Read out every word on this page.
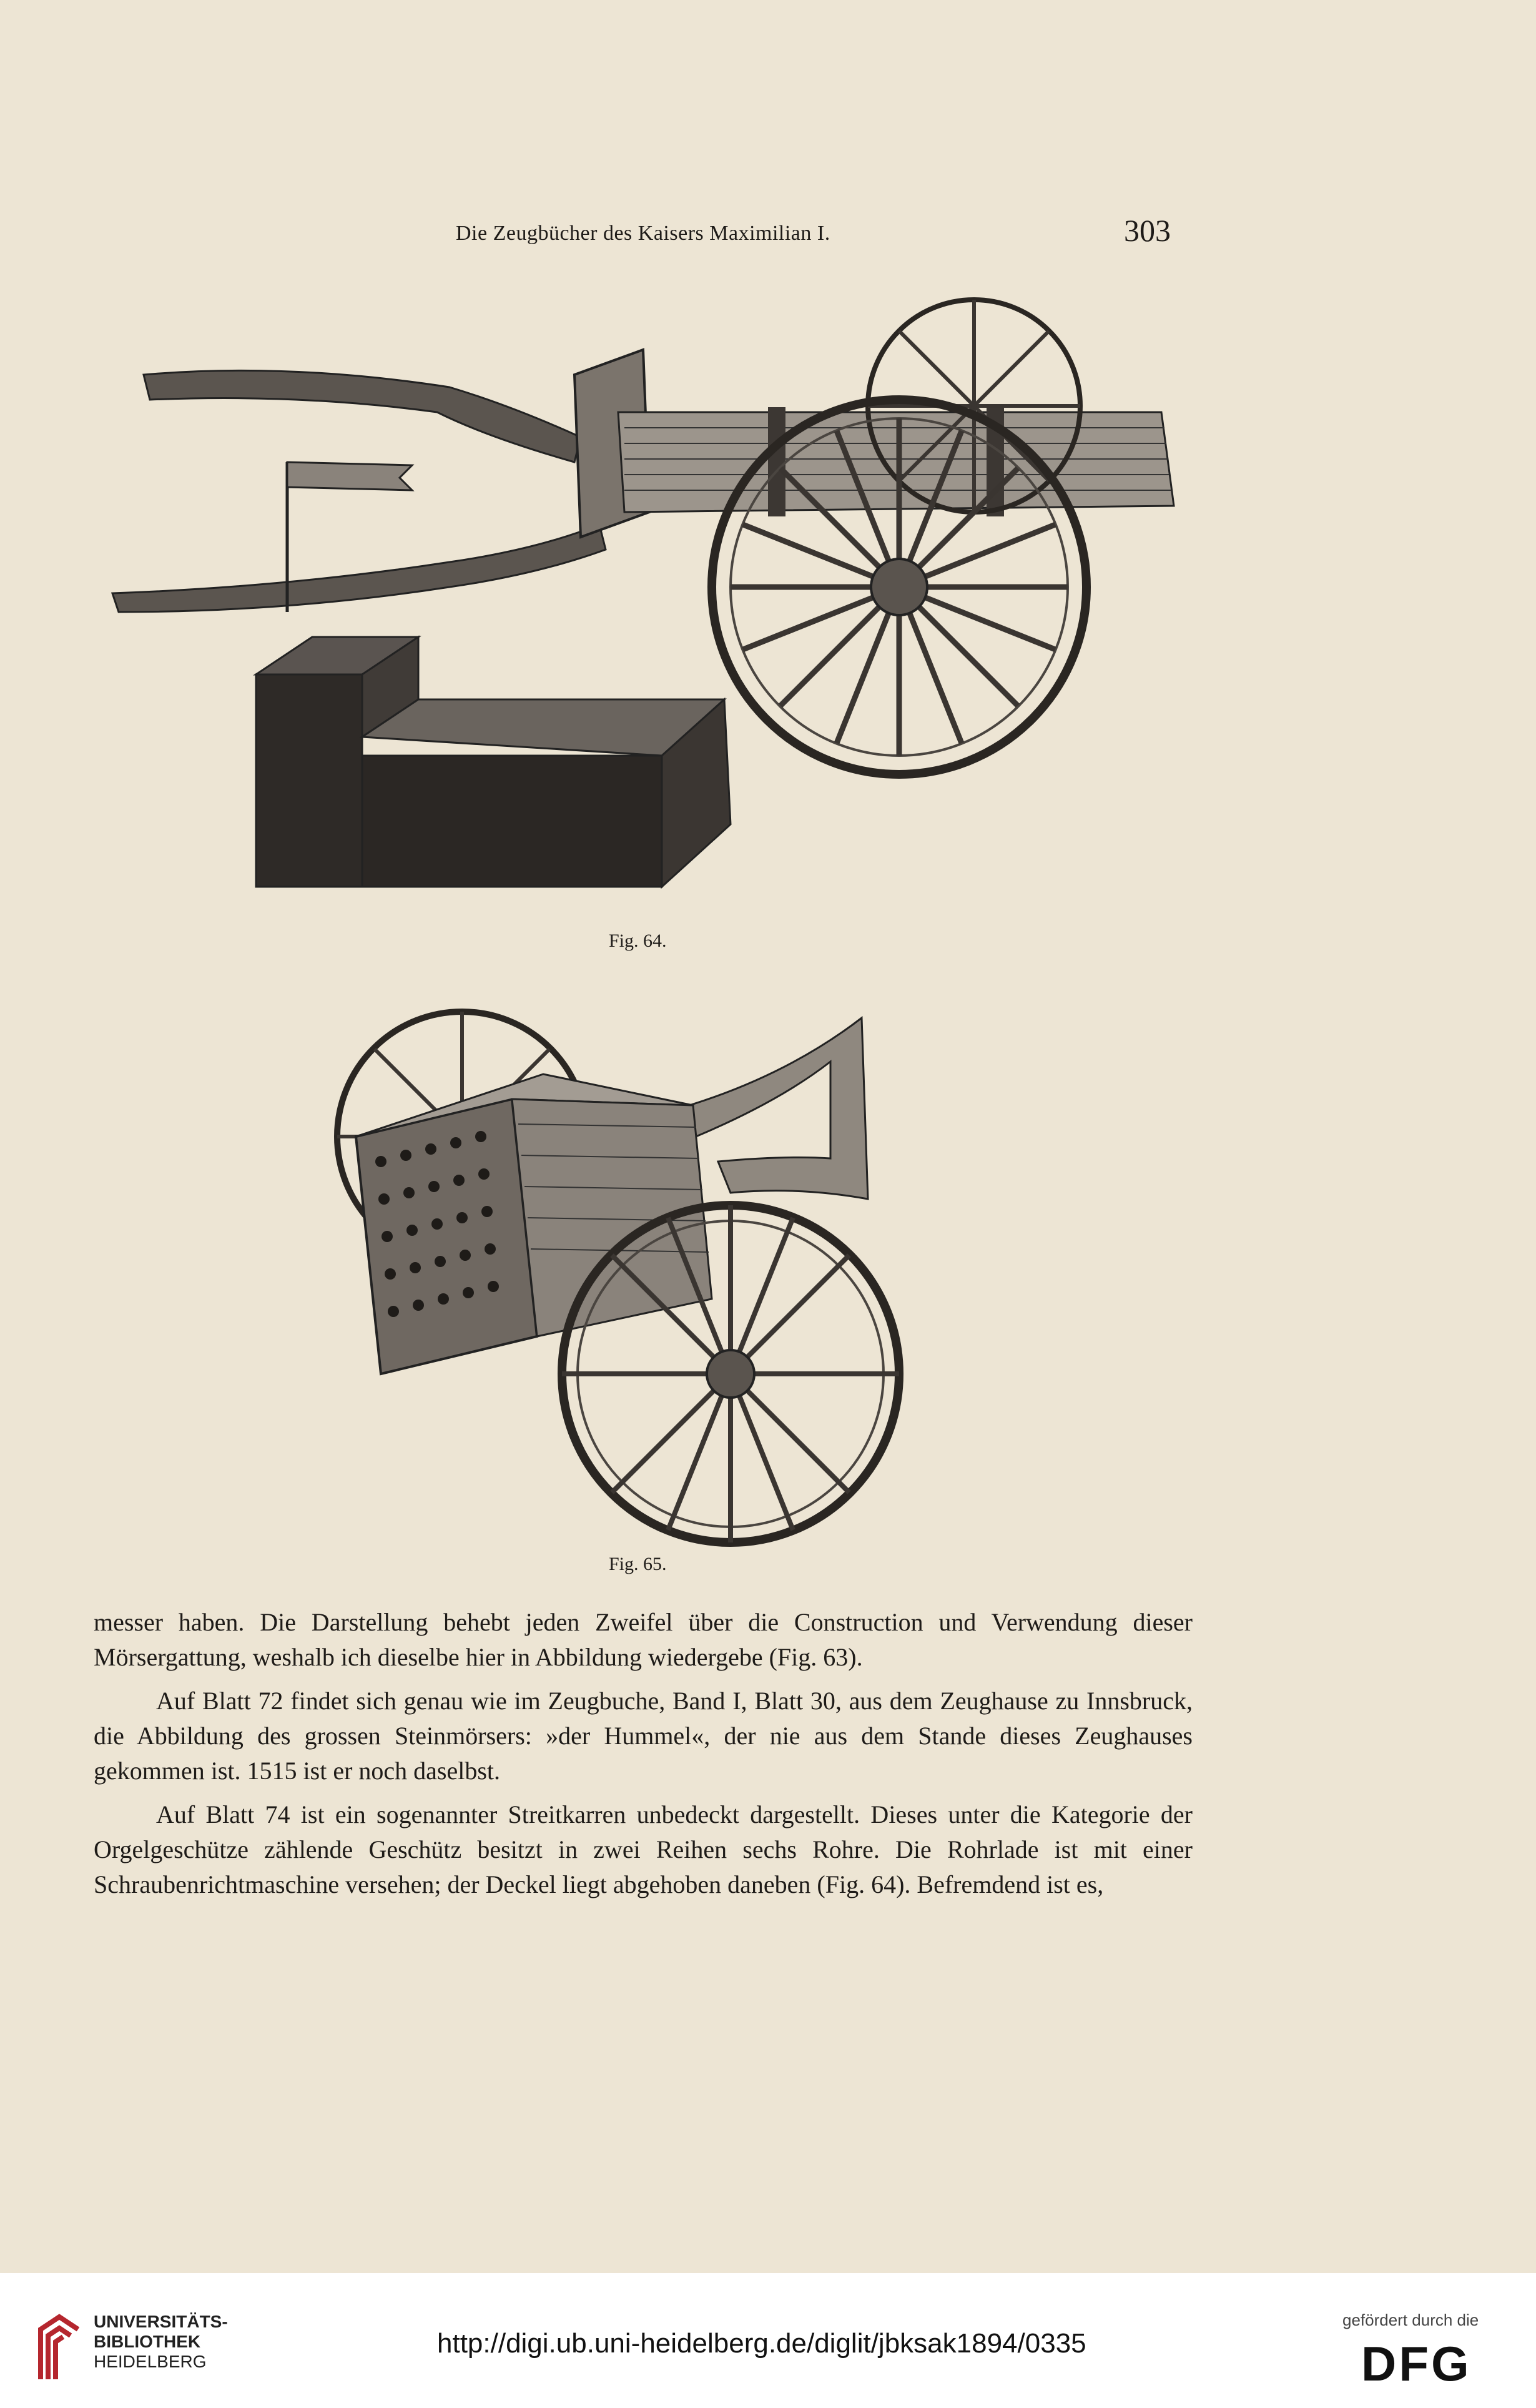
Die Zeugbücher des Kaisers Maximilian I.	303
Fig. 64.
Fig. 65.

messer haben. Die Darstellung behebt jeden Zweifel über die Construction und Verwendung dieser Mörsergattung, weshalb ich dieselbe hier in Abbildung wiedergebe (Fig. 63).

Auf Blatt 72 findet sich genau wie im Zeugbuche, Band I, Blatt 30, aus dem Zeughause zu Innsbruck, die Abbildung des grossen Steinmörsers: »der Hummel«, der nie aus dem Stande dieses Zeughauses gekommen ist. 1515 ist er noch daselbst.

Auf Blatt 74 ist ein sogenannter Streitkarren unbedeckt dargestellt. Dieses unter die Kategorie der Orgelgeschütze zählende Geschütz besitzt in zwei Reihen sechs Rohre. Die Rohrlade ist mit einer Schraubenrichtmaschine versehen; der Deckel liegt abgehoben daneben (Fig. 64). Befremdend ist es,

UNIVERSITÄTS-
BIBLIOTHEK
HEIDELBERG
http://digi.ub.uni-heidelberg.de/diglit/jbksak1894/0335
gefördert durch die
DFG
